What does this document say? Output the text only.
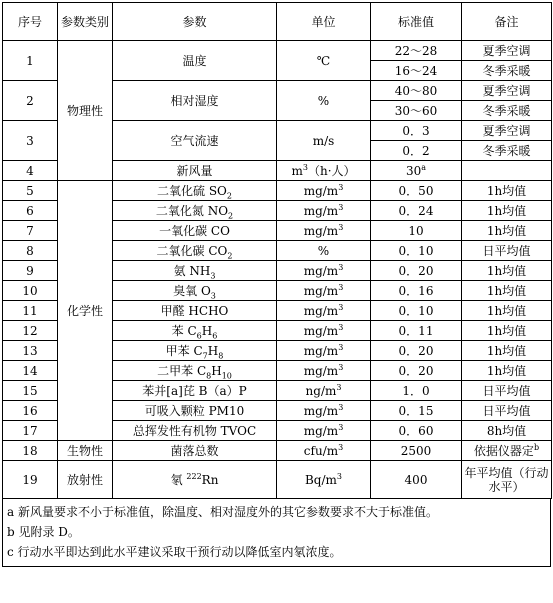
序号	参数类别	参数	单位	标准值	备注
1	物理性	温度	℃	22～28	夏季空调
				16～24	冬季采暖
2		相对湿度	%	40～80	夏季空调
				30～60	冬季采暖
3		空气流速	m/s	0．3	夏季空调
				0．2	冬季采暖
4		新风量	$m^3(h\cdot$人）	30$^a$	
5	化学性	二氧化硫 $SO_2$	$mg/m^3$	0．50	1h均值
6		二氧化氮 $NO_2$	$mg/m^3$	0．24	1h均值
7		一氧化碳 CO	$mg/m^3$	10	1h均值
8		二氧化碳 $CO_2$	%	0．10	日平均值
9		氨 $NH_3$	$mg/m^3$	0．20	1h均值
10		臭氧 $O_3$	$mg/m^3$	0．16	1h均值
11		甲醛 HCHO	$mg/m^3$	0．10	1h均值
12		苯 $C_6H_6$	$mg/m^3$	0．11	1h均值
13		甲苯 $C_7H_8$	$mg/m^3$	0．20	1h均值
14		二甲苯 $C_8H_{10}$	$mg/m^3$	0．20	1h均值
15		苯并[a]芘 B（a）P	$ng/m^3$	1．0	日平均值
16		可吸入颗粒 PM10	$mg/m^3$	0．15	日平均值
17		总挥发性有机物 TVOC	$mg/m^3$	0．60	8h均值
18	生物性	菌落总数	cfu/$m^3$	2500	依据仪器定$^b$
19	放射性	氡 $^{222}$Rn	$Bq/m^3$	400	年平均值（行动水平）
a 新风量要求不小于标准值，除温度、相对湿度外的其它参数要求不大于标准值。
b 见附录 D。
c 行动水平即达到此水平建议采取干预行动以降低室内氡浓度。
